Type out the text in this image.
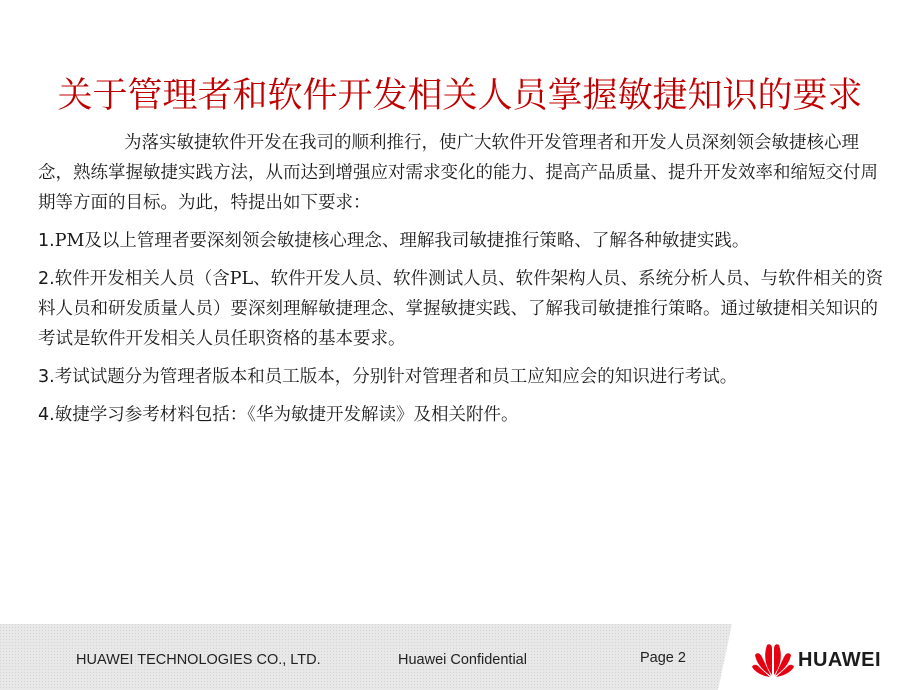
关于管理者和软件开发相关人员掌握敏捷知识的要求

为落实敏捷软件开发在我司的顺利推行，使广大软件开发管理者和开发人员深刻领会敏捷核心理念，熟练掌握敏捷实践方法，从而达到增强应对需求变化的能力、提高产品质量、提升开发效率和缩短交付周期等方面的目标。为此，特提出如下要求：

1.PM及以上管理者要深刻领会敏捷核心理念、理解我司敏捷推行策略、了解各种敏捷实践。

2.软件开发相关人员（含PL、软件开发人员、软件测试人员、软件架构人员、系统分析人员、与软件相关的资料人员和研发质量人员）要深刻理解敏捷理念、掌握敏捷实践、了解我司敏捷推行策略。通过敏捷相关知识的考试是软件开发相关人员任职资格的基本要求。

3.考试试题分为管理者版本和员工版本，分别针对管理者和员工应知应会的知识进行考试。

4.敏捷学习参考材料包括：《华为敏捷开发解读》及相关附件。

HUAWEI TECHNOLOGIES CO., LTD.	Huawei Confidential	Page 2	HUAWEI
